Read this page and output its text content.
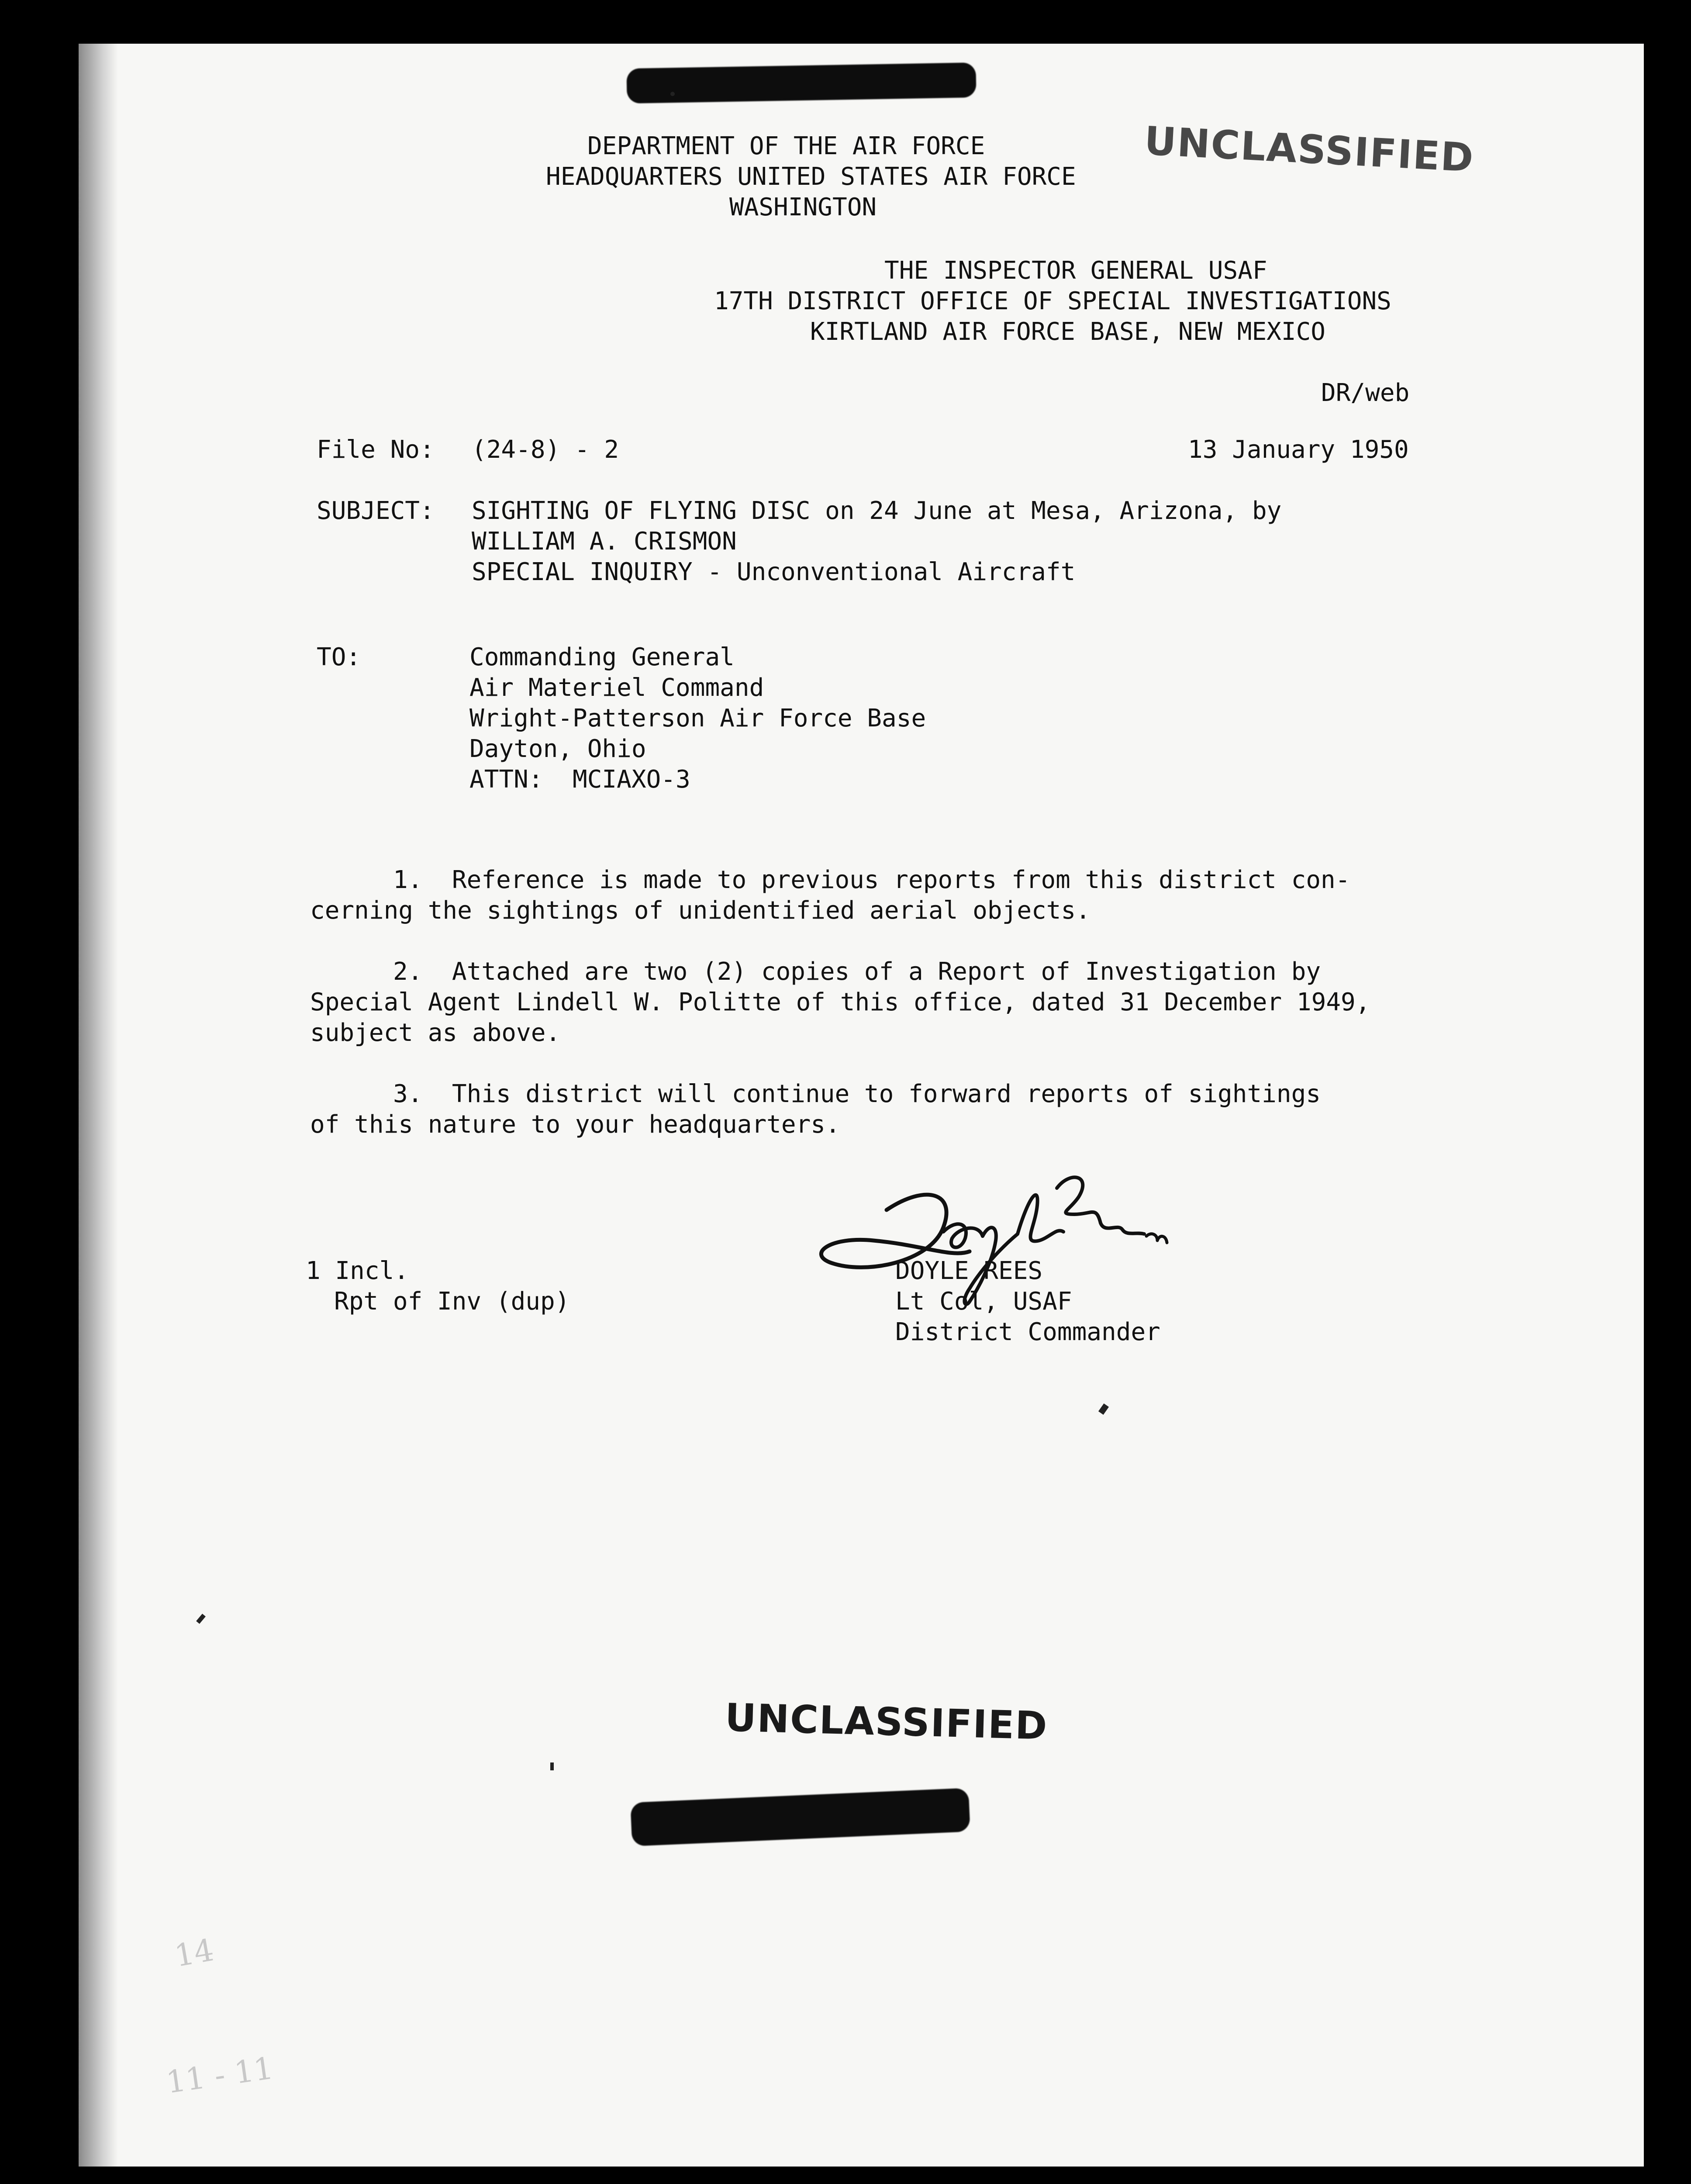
UNCLASSIFIED
DEPARTMENT OF THE AIR FORCE
HEADQUARTERS UNITED STATES AIR FORCE
WASHINGTON
THE INSPECTOR GENERAL USAF
17TH DISTRICT OFFICE OF SPECIAL INVESTIGATIONS
KIRTLAND AIR FORCE BASE, NEW MEXICO
DR/web
File No: (24-8) - 2	13 January 1950
SUBJECT: SIGHTING OF FLYING DISC on 24 June at Mesa, Arizona, by
WILLIAM A. CRISMON
SPECIAL INQUIRY - Unconventional Aircraft
TO:	Commanding General
Air Materiel Command
Wright-Patterson Air Force Base
Dayton, Ohio
ATTN:  MCIAXO-3
1.  Reference is made to previous reports from this district con-
cerning the sightings of unidentified aerial objects.
2.  Attached are two (2) copies of a Report of Investigation by
Special Agent Lindell W. Politte of this office, dated 31 December 1949,
subject as above.
3.  This district will continue to forward reports of sightings
of this nature to your headquarters.
DOYLE REES
Lt Col, USAF
District Commander
1 Incl.
Rpt of Inv (dup)
UNCLASSIFIED
14
11 - 11
